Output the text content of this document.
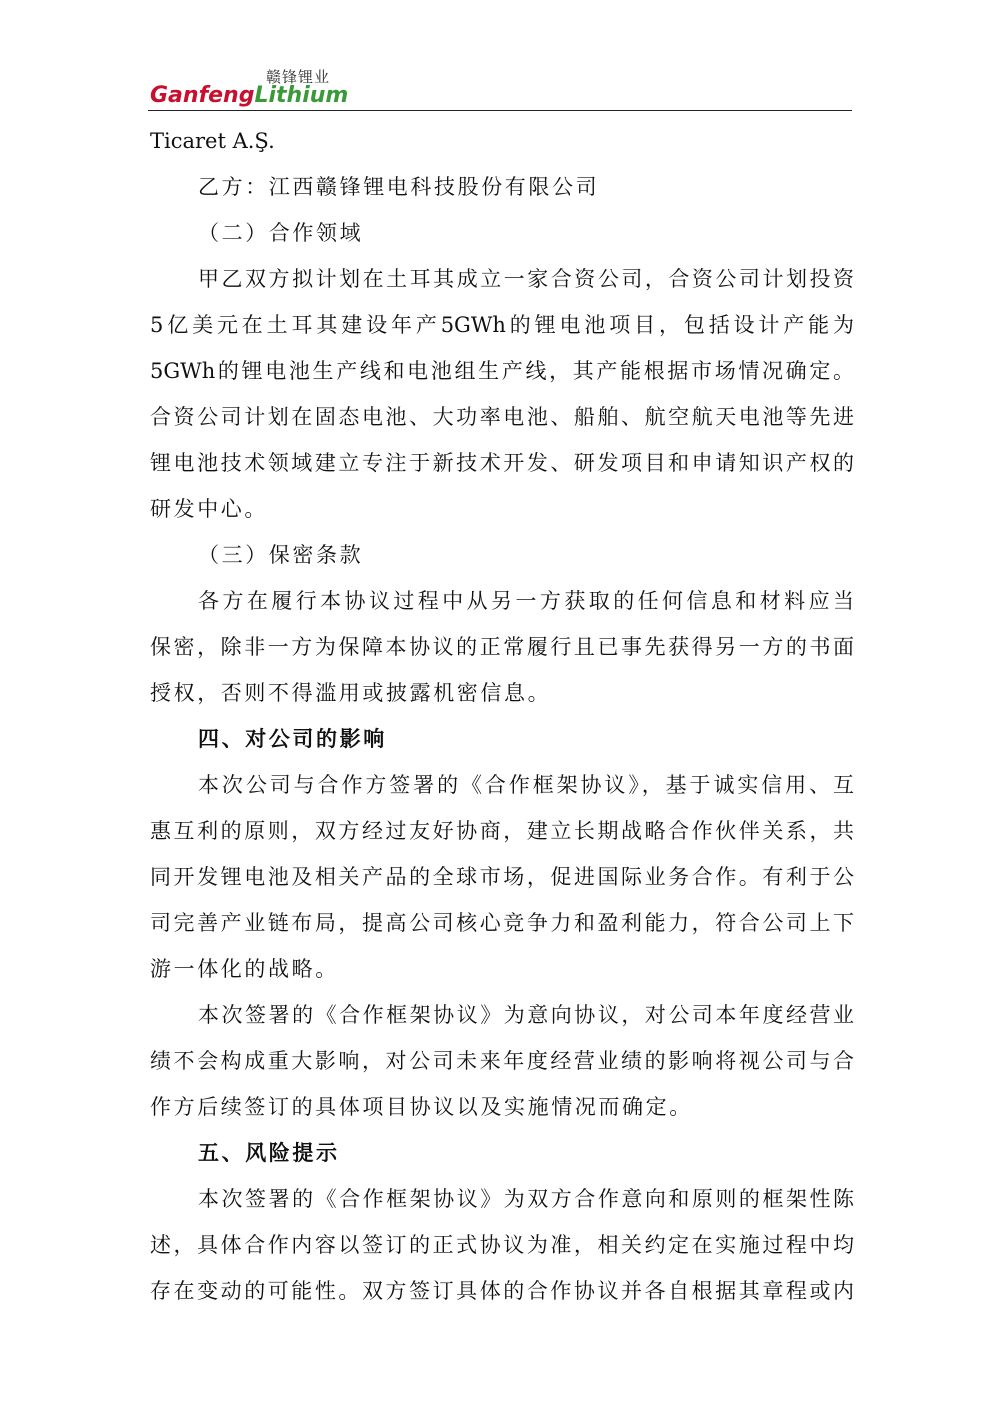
赣锋锂业
GanfengLithium
Ticaret A.Ş.
乙方：江西赣锋锂电科技股份有限公司
（二）合作领域
甲乙双方拟计划在土耳其成立一家合资公司，合资公司计划投资
5亿美元在土耳其建设年产5GWh的锂电池项目，包括设计产能为
5GWh的锂电池生产线和电池组生产线，其产能根据市场情况确定。
合资公司计划在固态电池、大功率电池、船舶、航空航天电池等先进
锂电池技术领域建立专注于新技术开发、研发项目和申请知识产权的
研发中心。
（三）保密条款
各方在履行本协议过程中从另一方获取的任何信息和材料应当
保密，除非一方为保障本协议的正常履行且已事先获得另一方的书面
授权，否则不得滥用或披露机密信息。
四、对公司的影响
本次公司与合作方签署的《合作框架协议》，基于诚实信用、互
惠互利的原则，双方经过友好协商，建立长期战略合作伙伴关系，共
同开发锂电池及相关产品的全球市场，促进国际业务合作。有利于公
司完善产业链布局，提高公司核心竞争力和盈利能力，符合公司上下
游一体化的战略。
本次签署的《合作框架协议》为意向协议，对公司本年度经营业
绩不会构成重大影响，对公司未来年度经营业绩的影响将视公司与合
作方后续签订的具体项目协议以及实施情况而确定。
五、风险提示
本次签署的《合作框架协议》为双方合作意向和原则的框架性陈
述，具体合作内容以签订的正式协议为准，相关约定在实施过程中均
存在变动的可能性。双方签订具体的合作协议并各自根据其章程或内
